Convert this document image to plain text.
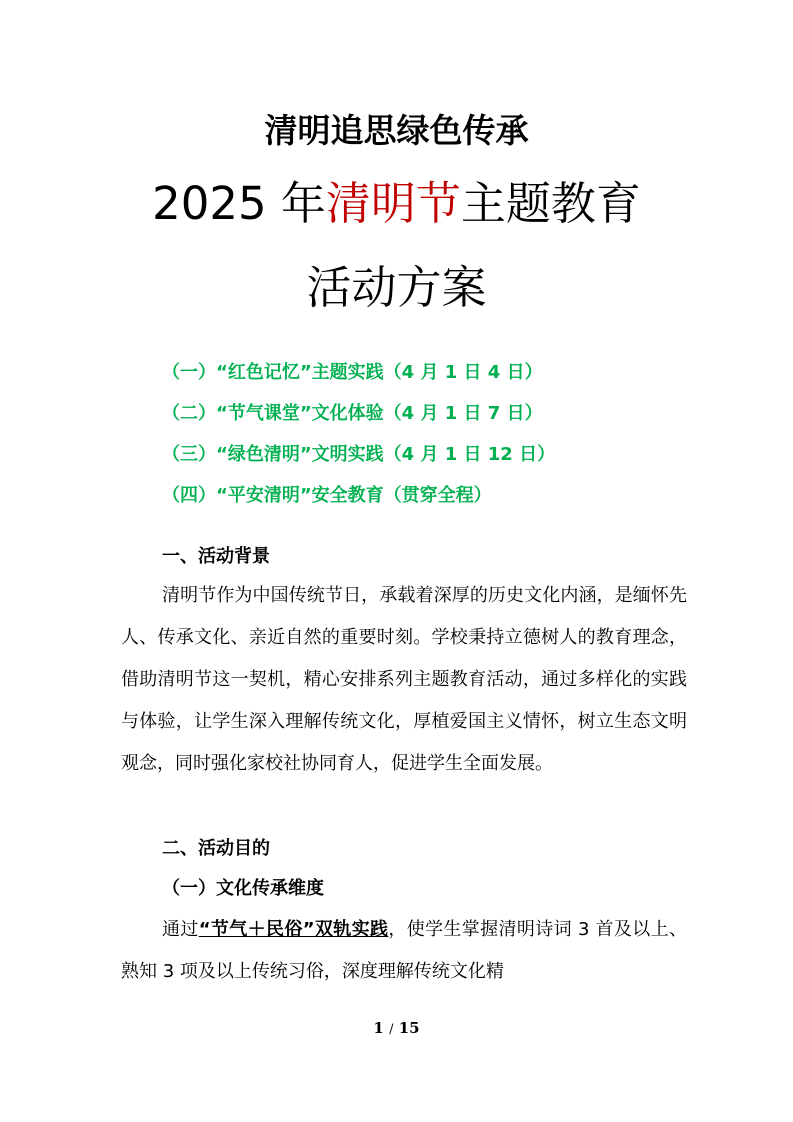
清明追思绿色传承
2025 年清明节主题教育
活动方案
（一）“红色记忆”主题实践（4 月 1 日 4 日）
（二）“节气课堂”文化体验（4 月 1 日 7 日）
（三）“绿色清明”文明实践（4 月 1 日 12 日）
（四）“平安清明”安全教育（贯穿全程）
一、活动背景
清明节作为中国传统节日，承载着深厚的历史文化内涵，是缅怀先人、传承文化、亲近自然的重要时刻。学校秉持立德树人的教育理念，借助清明节这一契机，精心安排系列主题教育活动，通过多样化的实践与体验，让学生深入理解传统文化，厚植爱国主义情怀，树立生态文明观念，同时强化家校社协同育人，促进学生全面发展。
二、活动目的
（一）文化传承维度
通过“节气＋民俗”双轨实践，使学生掌握清明诗词 3 首及以上、熟知 3 项及以上传统习俗，深度理解传统文化精
1 / 15
